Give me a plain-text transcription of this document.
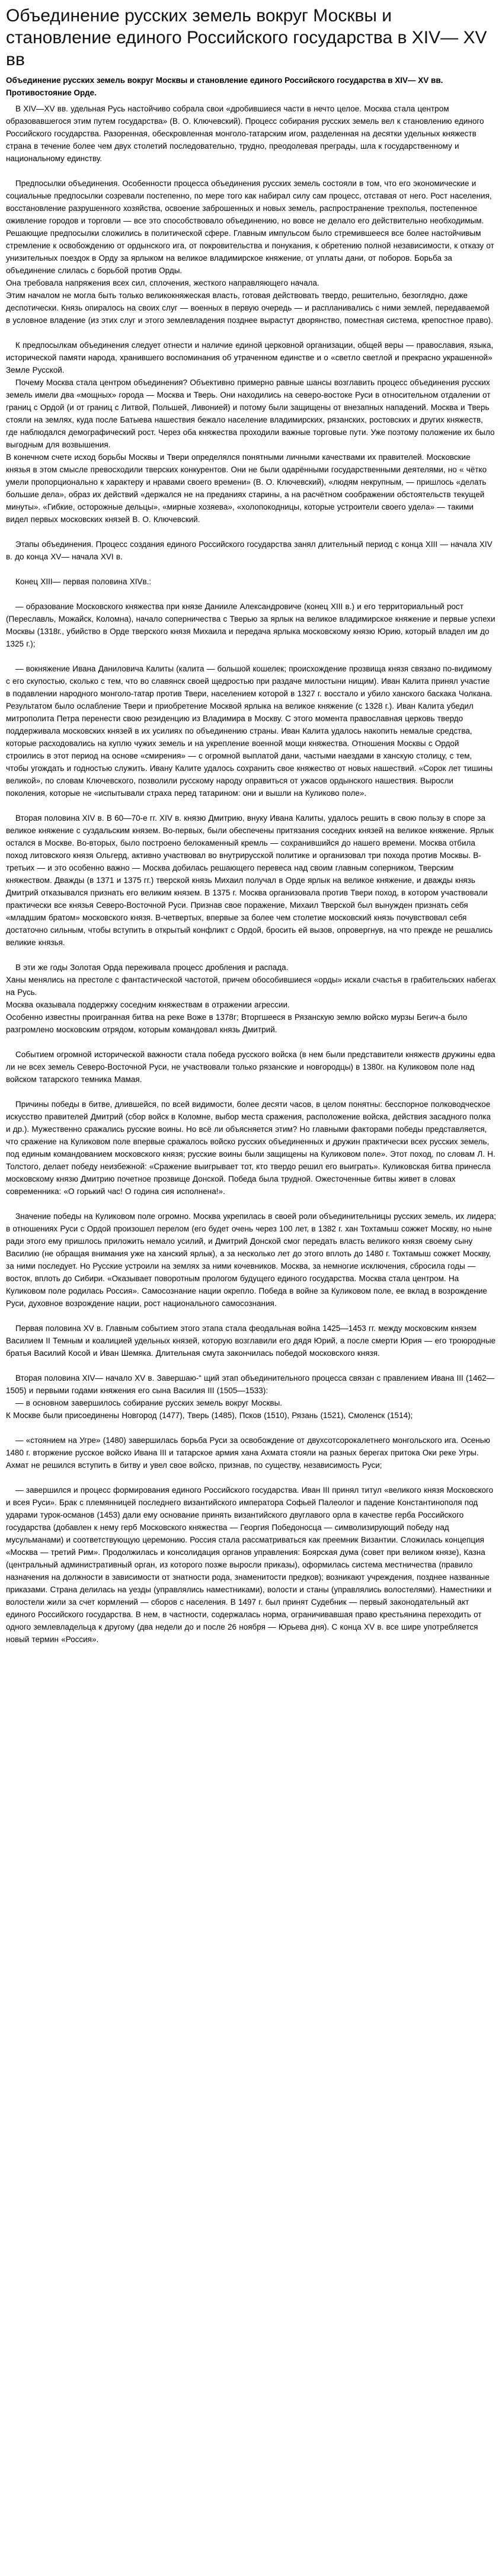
Объединение русских земель вокруг Москвы и становление единого Российского государства в XIV— XV вв
Объединение русских земель вокруг Москвы и становление единого Российского государства в XIV— XV вв. Противостояние Орде.

В XIV—XV вв. удельная Русь настойчиво собрала свои «дробившиеся части в нечто целое. Москва стала центром образовавшегося этим путем государства» (В. О. Ключевский). Процесс собирания русских земель вел к становлению единого Российского государства. Разоренная, обескровленная монголо-татарским игом, разделенная на десятки удельных княжеств страна в течение более чем двух столетий последовательно, трудно, преодолевая преграды, шла к государственному и национальному единству.

Предпосылки объединения. Особенности процесса объединения русских земель состояли в том, что его экономические и социальные предпосылки созревали постепенно, по мере того как набирал силу сам процесс, отставая от него. Рост населения, восстановление разрушенного хозяйства, освоение заброшенных и новых земель, распространение трехполья, постепенное оживление городов и торговли — все это способствовало объединению, но вовсе не делало его действительно необходимым. Решающие предпосылки сложились в политической сфере. Главным импульсом было стремившееся все более настойчивым стремление к освобождению от ордынского ига, от покровительства и понукания, к обретению полной независимости, к отказу от унизительных поездок в Орду за ярлыком на великое владимирское княжение, от уплаты дани, от поборов. Борьба за объединение слилась с борьбой против Орды.

Она требовала напряжения всех сил, сплочения, жесткого направляющего начала.

Этим началом не могла быть только великокняжеская власть, готовая действовать твердо, решительно, безоглядно, даже деспотически. Князь опиралось на своих слуг — военных в первую очередь — и распланивались с ними землей, передаваемой в условное владение (из этих слуг и этого землевладения позднее вырастут дворянство, поместная система, крепостное право).

К предпосылкам объединения следует отнести и наличие единой церковной организации, общей веры — православия, языка, исторической памяти народа, хранившего воспоминания об утраченном единстве и о «светло светлой и прекрасно украшенной» Земле Русской.

Почему Москва стала центром объединения? Объективно примерно равные шансы возглавить процесс объединения русских земель имели два «мощных» города — Москва и Тверь. Они находились на северо-востоке Руси в относительном отдалении от границ с Ордой (и от границ с Литвой, Польшей, Ливонией) и потому были защищены от внезапных нападений. Москва и Тверь стояли на землях, куда после Батыева нашествия бежало население владимирских, рязанских, ростовских и других княжеств, где наблюдался демографический рост. Через оба княжества проходили важные торговые пути. Уже поэтому положение их было выгодным для возвышения.

В конечном счете исход борьбы Москвы и Твери определялся понятными личными качествами их правителей. Московские князья в этом смысле превосходили тверских конкурентов. Они не были одарёнными государственными деятелями, но « чётко умели пропорционально к характеру и нравами своего времени» (В. О. Ключевский), «людям некрупным, — пришлось «делать большие дела», образ их действий «держался не на преданиях старины, а на расчётном соображении обстоятельств текущей минуты». «Гибкие, осторожные дельцы», «мирные хозяева», «холопокодницы, которые устроители своего удела» — такими видел первых московских князей В. О. Ключевский.

Этапы объединения. Процесс создания единого Российского государства занял длительный период с конца XIII — начала XIV в. до конца XV— начала XVI в.

Конец XIII— первая половина XIVв.:

— образование Московского княжества при князе Данииле Александровиче (конец XIII в.) и его территориальный рост (Переславль, Можайск, Коломна), начало соперничества с Тверью за ярлык на великое владимирское княжение и первые успехи Москвы (1318г., убийство в Орде тверского князя Михаила и передача ярлыка московскому князю Юрию, который владел им до 1325 г.);

— вокняжение Ивана Даниловича Калиты (калита — большой кошелек; происхождение прозвища князя связано по-видимому с его скупостью, сколько с тем, что во славянск своей щедростью при раздаче милостыни нищим). Иван Калита принял участие в подавлении народного монголо-татар против Твери, населением которой в 1327 г. восстало и убило ханского баскака Чолкана. Результатом было ослабление Твери и приобретение Москвой ярлыка на великое княжение (с 1328 г.). Иван Калита убедил митрополита Петра перенести свою резиденцию из Владимира в Москву. С этого момента православная церковь твердо поддерживала московских князей в их усилиях по объединению страны. Иван Калита удалось накопить немалые средства, которые расходовались на куплю чужих земель и на укрепление военной мощи княжества. Отношения Москвы с Ордой строились в этот период на основе «смирения» — с огромной выплатой дани, частыми наездами в ханскую столицу, с тем, чтобы угождать и годностью служить. Ивану Калите удалось сохранить свое княжество от новых нашествий. «Сорок лет тишины великой», по словам Ключевского, позволили русскому народу оправиться от ужасов ордынского нашествия. Выросли поколения, которые не «испытывали страха перед татарином: они и вышли на Куликово поле».

Вторая половина XIV в. В 60—70-е гг. XIV в. князю Дмитрию, внуку Ивана Калиты, удалось решить в свою пользу в споре за великое княжение с суздальским князем. Во-первых, были обеспечены притязания соседних князей на великое княжение. Ярлык остался в Москве. Во-вторых, было построено белокаменный кремль — сохранившийся до нашего времени. Москва отбила поход литовского князя Ольгерд, активно участвовал во внутрирусской политике и организовал три похода против Москвы. В-третьих — и это особенно важно — Москва добилась решающего перевеса над своим главным соперником, Тверским княжеством. Дважды (в 1371 и 1375 гг.) тверской князь Михаил получал в Орде ярлык на великое княжение, и дважды князь Дмитрий отказывался признать его великим князем. В 1375 г. Москва организовала против Твери поход, в котором участвовали практически все князья Северо-Восточной Руси. Признав свое поражение, Михаил Тверской был вынужден признать себя «младшим братом» московского князя. В-четвертых, впервые за более чем столетие московский князь почувствовал себя достаточно сильным, чтобы вступить в открытый конфликт с Ордой, бросить ей вызов, опровергнув, на что прежде не решались великие князья.

В эти же годы Золотая Орда переживала процесс дробления и распада.

Ханы менялись на престоле с фантастической частотой, причем обособившиеся «орды» искали счастья в грабительских набегах на Русь.

Москва оказывала поддержку соседним княжествам в отражении агрессии.

Особенно известны проигранная битва на реке Воже в 1378г; Вторгшееся в Рязанскую землю войско мурзы Бегич-а было разгромлено московским отрядом, которым командовал князь Дмитрий.

Событием огромной исторической важности стала победа русского войска (в нем были представители княжеств дружины едва ли не всех земель Северо-Восточной Руси, не участвовали только рязанские и новгородцы) в 1380г. на Куликовом поле над войском татарского темника Мамая.

Причины победы в битве, длившейся, по всей видимости, более десяти часов, в целом понятны: бесспорное полководческое искусство правителей Дмитрий (сбор войск в Коломне, выбор места сражения, расположение войска, действия засадного полка и др.). Мужественно сражались русские воины. Но всё ли объясняется этим? Но главными факторами победы представляется, что сражение на Куликовом поле впервые сражалось войско русских объединенных и дружин практически всех русских земель, под единым командованием московского князя; русские воины были защищены на Куликовом поле». Этот поход, по словам Л. Н. Толстого, делает победу неизбежной: «Сражение выигрывает тот, кто твердо решил его выиграть». Куликовская битва принесла московскому князю Дмитрию почетное прозвище Донской. Победа была трудной. Ожесточенные битвы живет в словах современника: «О горький час! О година сия исполнена!».

Значение победы на Куликовом поле огромно. Москва укрепилась в своей роли объединительницы русских земель, их лидера; в отношениях Руси с Ордой произошел перелом (его будет очень через 100 лет, в 1382 г. хан Тохтамыш сожжет Москву, но ныне ради этого ему пришлось приложить немало усилий, и Дмитрий Донской смог передать власть великого князя своему сыну Василию (не обращая внимания уже на ханский ярлык), а за несколько лет до этого вплоть до 1480 г. Тохтамыш сожжет Москву, за ними последует. Но Русские устроили на землях за ними кочевников. Москва, за немногие исключения, сбросила годы — восток, вплоть до Сибири. «Оказывает поворотным прологом будущего единого государства. Москва стала центром. На Куликовом поле родилась Россия». Самосознание нации окрепло. Победа в войне за Куликовом поле, ее вклад в возрождение Руси, духовное возрождение нации, рост национального самосознания.

Первая половина XV в. Главным событием этого этапа стала феодальная война 1425—1453 гг. между московским князем Василием II Темным и коалицией удельных князей, которую возглавили его дядя Юрий, а после смерти Юрия — его троюродные братья Василий Косой и Иван Шемяка. Длительная смута закончилась победой московского князя.

Вторая половина XIV— начало XV в. Завершаю-“ щий этап объединительного процесса связан с правлением Ивана III (1462—1505) и первыми годами княжения его сына Василия III (1505—1533):

— в основном завершилось собирание русских земель вокруг Москвы.

К Москве были присоединены Новгород (1477), Тверь (1485), Псков (1510), Рязань (1521), Смоленск (1514);

— «стоянием на Угре» (1480) завершилась борьба Руси за освобождение от двухсотсорокалетнего монгольского ига. Осенью 1480 г. вторжение русское войско Ивана III и татарское армия хана Ахмата стояли на разных берегах притока Оки реке Угры. Ахмат не решился вступить в битву и увел свое войско, признав, по существу, независимость Руси;

— завершился и процесс формирования единого Российского государства. Иван III принял титул «великого князя Московского и всея Руси». Брак с племянницей последнего византийского императора Софьей Палеолог и падение Константинополя под ударами турок-османов (1453) дали ему основание принять византийского двуглавого орла в качестве герба Российского государства (добавлен к нему герб Московского княжества — Георгия Победоносца — символизирующий победу над мусульманами) и соответствующую церемонию. Россия стала рассматриваться как преемник Византии. Сложилась концепция «Москва — третий Рим». Продолжилась и консолидация органов управления: Боярская дума (совет при великом князе), Казна (центральный административный орган, из которого позже выросли приказы), оформилась система местничества (правило назначения на должности в зависимости от знатности рода, знаменитости предков); возникают учреждения, позднее названные приказами. Страна делилась на уезды (управлялись наместниками), волости и станы (управлялись волостелями). Наместники и волостели жили за счет кормлений — сборов с населения. В 1497 г. был принят Судебник — первый законодательный акт единого Российского государства. В нем, в частности, содержалась норма, ограничивавшая право крестьянина переходить от одного землевладельца к другому (два недели до и после 26 ноября — Юрьева дня). С конца XV в. все шире употребляется новый термин «Россия».
